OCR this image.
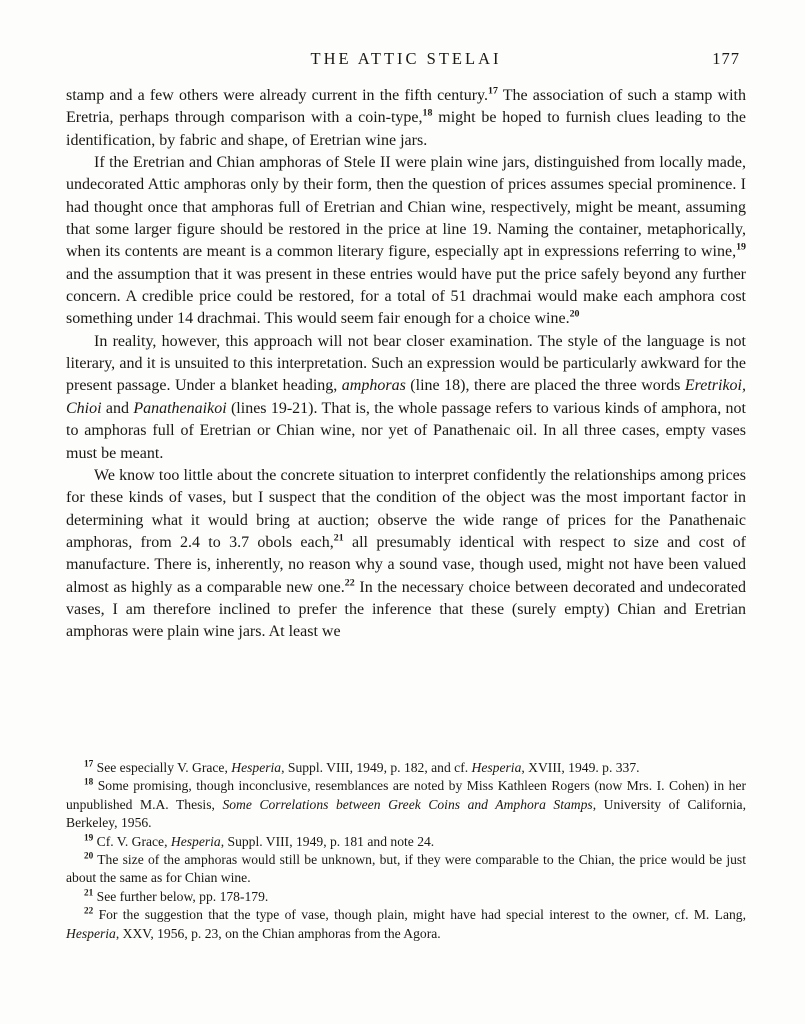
THE ATTIC STELAI	177

stamp and a few others were already current in the fifth century.$^{17}$ The association of such a stamp with Eretria, perhaps through comparison with a coin-type,$^{18}$ might be hoped to furnish clues leading to the identification, by fabric and shape, of Eretrian wine jars.

If the Eretrian and Chian amphoras of Stele II were plain wine jars, distinguished from locally made, undecorated Attic amphoras only by their form, then the question of prices assumes special prominence. I had thought once that amphoras full of Eretrian and Chian wine, respectively, might be meant, assuming that some larger figure should be restored in the price at line 19. Naming the container, metaphorically, when its contents are meant is a common literary figure, especially apt in expressions referring to wine,$^{19}$ and the assumption that it was present in these entries would have put the price safely beyond any further concern. A credible price could be restored, for a total of 51 drachmai would make each amphora cost something under 14 drachmai. This would seem fair enough for a choice wine.$^{20}$

In reality, however, this approach will not bear closer examination. The style of the language is not literary, and it is unsuited to this interpretation. Such an expression would be particularly awkward for the present passage. Under a blanket heading, amphoras (line 18), there are placed the three words Eretrikoi, Chioi and Panathenaikoi (lines 19-21). That is, the whole passage refers to various kinds of amphora, not to amphoras full of Eretrian or Chian wine, nor yet of Panathenaic oil. In all three cases, empty vases must be meant.

We know too little about the concrete situation to interpret confidently the relationships among prices for these kinds of vases, but I suspect that the condition of the object was the most important factor in determining what it would bring at auction; observe the wide range of prices for the Panathenaic amphoras, from 2.4 to 3.7 obols each,$^{21}$ all presumably identical with respect to size and cost of manufacture. There is, inherently, no reason why a sound vase, though used, might not have been valued almost as highly as a comparable new one.$^{22}$ In the necessary choice between decorated and undecorated vases, I am therefore inclined to prefer the inference that these (surely empty) Chian and Eretrian amphoras were plain wine jars. At least we

$^{17}$ See especially V. Grace, Hesperia, Suppl. VIII, 1949, p. 182, and cf. Hesperia, XVIII, 1949. p. 337.

$^{18}$ Some promising, though inconclusive, resemblances are noted by Miss Kathleen Rogers (now Mrs. I. Cohen) in her unpublished M.A. Thesis, Some Correlations between Greek Coins and Amphora Stamps, University of California, Berkeley, 1956.

$^{19}$ Cf. V. Grace, Hesperia, Suppl. VIII, 1949, p. 181 and note 24.

$^{20}$ The size of the amphoras would still be unknown, but, if they were comparable to the Chian, the price would be just about the same as for Chian wine.

$^{21}$ See further below, pp. 178-179.

$^{22}$ For the suggestion that the type of vase, though plain, might have had special interest to the owner, cf. M. Lang, Hesperia, XXV, 1956, p. 23, on the Chian amphoras from the Agora.
